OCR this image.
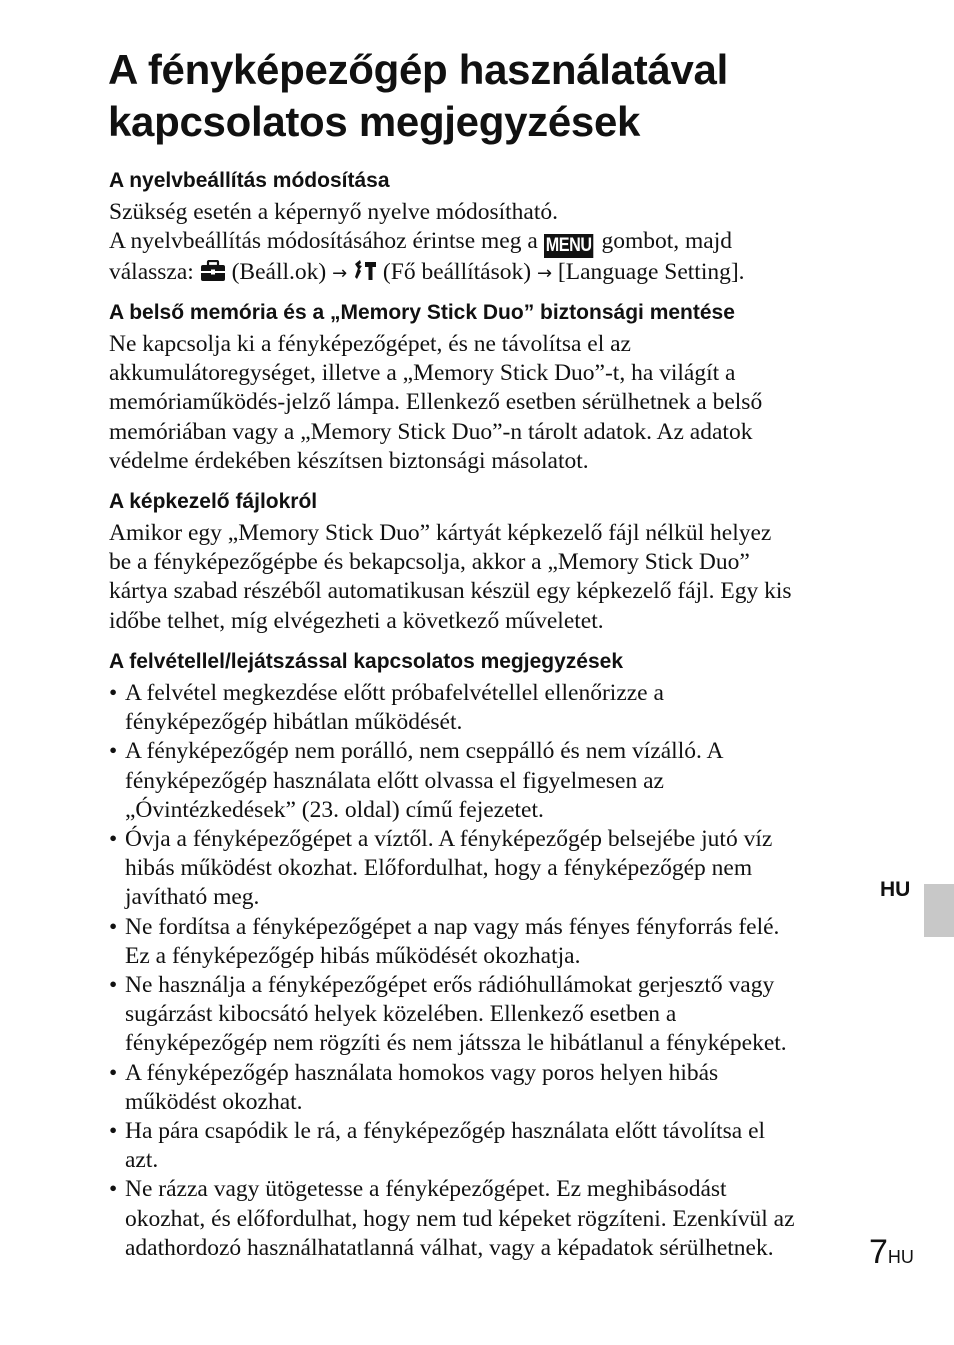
A fényképezőgép használatával
kapcsolatos megjegyzések
A nyelvbeállítás módosítása
Szükség esetén a képernyő nyelve módosítható.
A nyelvbeállítás módosításához érintse meg a MENU gombot, majd
válassza:  (Beáll.ok) →  (Fő beállítások) → [Language Setting].
A belső memória és a „Memory Stick Duo” biztonsági mentése
Ne kapcsolja ki a fényképezőgépet, és ne távolítsa el az
akkumulátoregységet, illetve a „Memory Stick Duo”-t, ha világít a
memóriaműködés-jelző lámpa. Ellenkező esetben sérülhetnek a belső
memóriában vagy a „Memory Stick Duo”-n tárolt adatok. Az adatok
védelme érdekében készítsen biztonsági másolatot.
A képkezelő fájlokról
Amikor egy „Memory Stick Duo” kártyát képkezelő fájl nélkül helyez
be a fényképezőgépbe és bekapcsolja, akkor a „Memory Stick Duo”
kártya szabad részéből automatikusan készül egy képkezelő fájl. Egy kis
időbe telhet, míg elvégezheti a következő műveletet.
A felvétellel/lejátszással kapcsolatos megjegyzések
• A felvétel megkezdése előtt próbafelvétellel ellenőrizze a
fényképezőgép hibátlan működését.
• A fényképezőgép nem porálló, nem cseppálló és nem vízálló. A
fényképezőgép használata előtt olvassa el figyelmesen az
„Óvintézkedések” (23. oldal) című fejezetet.
• Óvja a fényképezőgépet a víztől. A fényképezőgép belsejébe jutó víz
hibás működést okozhat. Előfordulhat, hogy a fényképezőgép nem
javítható meg.
• Ne fordítsa a fényképezőgépet a nap vagy más fényes fényforrás felé.
Ez a fényképezőgép hibás működését okozhatja.
• Ne használja a fényképezőgépet erős rádióhullámokat gerjesztő vagy
sugárzást kibocsátó helyek közelében. Ellenkező esetben a
fényképezőgép nem rögzíti és nem játssza le hibátlanul a fényképeket.
• A fényképezőgép használata homokos vagy poros helyen hibás
működést okozhat.
• Ha pára csapódik le rá, a fényképezőgép használata előtt távolítsa el
azt.
• Ne rázza vagy ütögetesse a fényképezőgépet. Ez meghibásodást
okozhat, és előfordulhat, hogy nem tud képeket rögzíteni. Ezenkívül az
adathordozó használhatatlanná válhat, vagy a képadatok sérülhetnek.
HU
7HU
